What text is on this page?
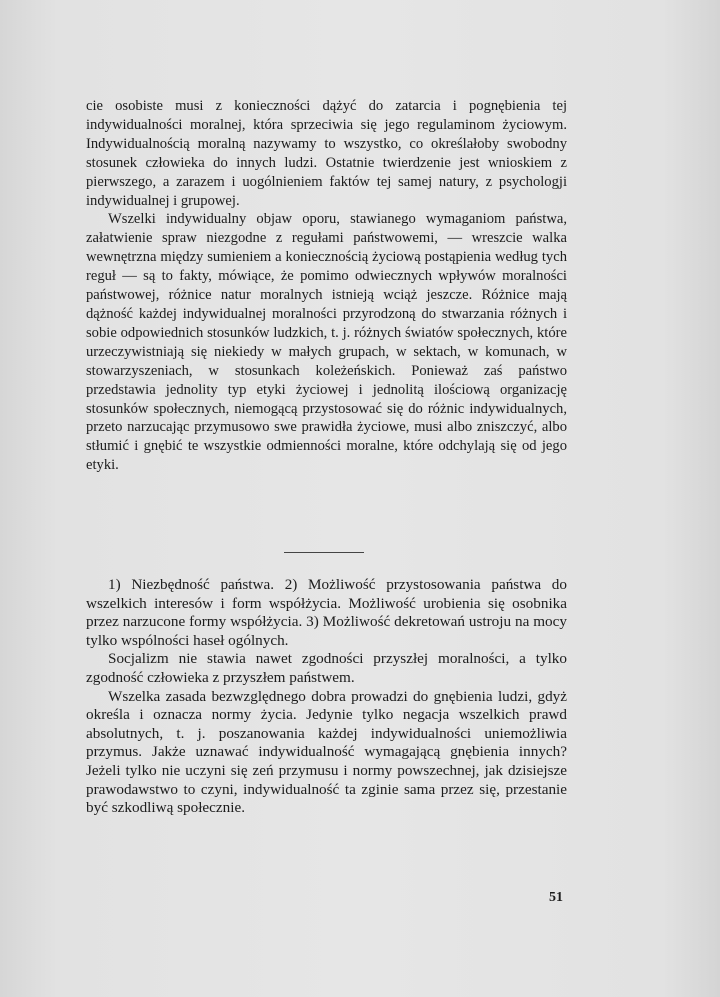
cie osobiste musi z konieczności dążyć do zatarcia i pognębienia tej indywidualności moralnej, która sprzeciwia się jego regulaminom życiowym. Indywidualnością moralną nazywamy to wszystko, co określałoby swobodny stosunek człowieka do innych ludzi. Ostatnie twierdzenie jest wnioskiem z pierwszego, a zarazem i uogólnieniem faktów tej samej natury, z psychologji indywidualnej i grupowej.

Wszelki indywidualny objaw oporu, stawianego wymaganiom państwa, załatwienie spraw niezgodne z regułami państwowemi, — wreszcie walka wewnętrzna między sumieniem a koniecznością życiową postąpienia według tych reguł — są to fakty, mówiące, że pomimo odwiecznych wpływów moralności państwowej, różnice natur moralnych istnieją wciąż jeszcze. Różnice mają dążność każdej indywidualnej moralności przyrodzoną do stwarzania różnych i sobie odpowiednich stosunków ludzkich, t. j. różnych światów społecznych, które urzeczywistniają się niekiedy w małych grupach, w sektach, w komunach, w stowarzyszeniach, w stosunkach koleżeńskich. Ponieważ zaś państwo przedstawia jednolity typ etyki życiowej i jednolitą ilościową organizację stosunków społecznych, niemogącą przystosować się do różnic indywidualnych, przeto narzucając przymusowo swe prawidła życiowe, musi albo zniszczyć, albo stłumić i gnębić te wszystkie odmienności moralne, które odchylają się od jego etyki.

1) Niezbędność państwa. 2) Możliwość przystosowania państwa do wszelkich interesów i form współżycia. Możliwość urobienia się osobnika przez narzucone formy współżycia. 3) Możliwość dekretowań ustroju na mocy tylko wspólności haseł ogólnych.

Socjalizm nie stawia nawet zgodności przyszłej moralności, a tylko zgodność człowieka z przyszłem państwem.

Wszelka zasada bezwzględnego dobra prowadzi do gnębienia ludzi, gdyż określa i oznacza normy życia. Jedynie tylko negacja wszelkich prawd absolutnych, t. j. poszanowania każdej indywidualności uniemożliwia przymus. Jakże uznawać indywidualność wymagającą gnębienia innych? Jeżeli tylko nie uczyni się zeń przymusu i normy powszechnej, jak dzisiejsze prawodawstwo to czyni, indywidualność ta zginie sama przez się, przestanie być szkodliwą społecznie.

51
